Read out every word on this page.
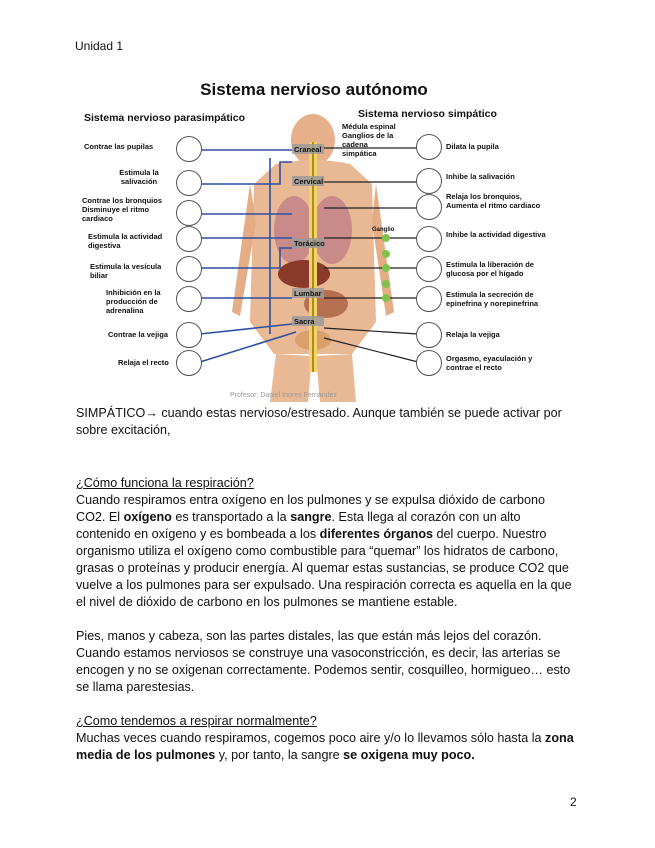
Unidad 1
Sistema nervioso autónomo
Sistema nervioso parasimpático	Sistema nervioso simpático
Craneal
Cervical
Torácico
Lumbar
Sacra
Médula espinal
Ganglios de la cadena simpática
Ganglio
Contrae las pupilas
Estimula la salivación
Contrae los bronquios Disminuye el ritmo cardiaco
Estimula la actividad digestiva
Estimula la vesícula biliar
Inhibición en la producción de adrenalina
Contrae la vejiga
Relaja el recto
Dilata la pupila
Inhibe la salivación
Relaja los bronquios, Aumenta el ritmo cardiaco
Inhibe la actividad digestiva
Estimula la liberación de glucosa por el hígado
Estimula la secreción de epinefrina y norepinefrina
Relaja la vejiga
Orgasmo, eyaculación y contrae el recto
Profesor: Daniel Inores Fernández

SIMPÁTICO→ cuando estas nervioso/estresado. Aunque también se puede activar por sobre excitación,

¿Cómo funciona la respiración?

Cuando respiramos entra oxígeno en los pulmones y se expulsa dióxido de carbono CO2. El oxígeno es transportado a la sangre. Esta llega al corazón con un alto contenido en oxígeno y es bombeada a los diferentes órganos del cuerpo. Nuestro organismo utiliza el oxígeno como combustible para “quemar” los hidratos de carbono, grasas o proteínas y producir energía. Al quemar estas sustancias, se produce CO2 que vuelve a los pulmones para ser expulsado. Una respiración correcta es aquella en la que el nivel de dióxido de carbono en los pulmones se mantiene estable.

Pies, manos y cabeza, son las partes distales, las que están más lejos del corazón. Cuando estamos nerviosos se construye una vasoconstricción, es decir, las arterias se encogen y no se oxigenan correctamente. Podemos sentir, cosquilleo, hormigueo… esto se llama parestesias.

¿Como tendemos a respirar normalmente?

Muchas veces cuando respiramos, cogemos poco aire y/o lo llevamos sólo hasta la zona media de los pulmones y, por tanto, la sangre se oxigena muy poco.

2
